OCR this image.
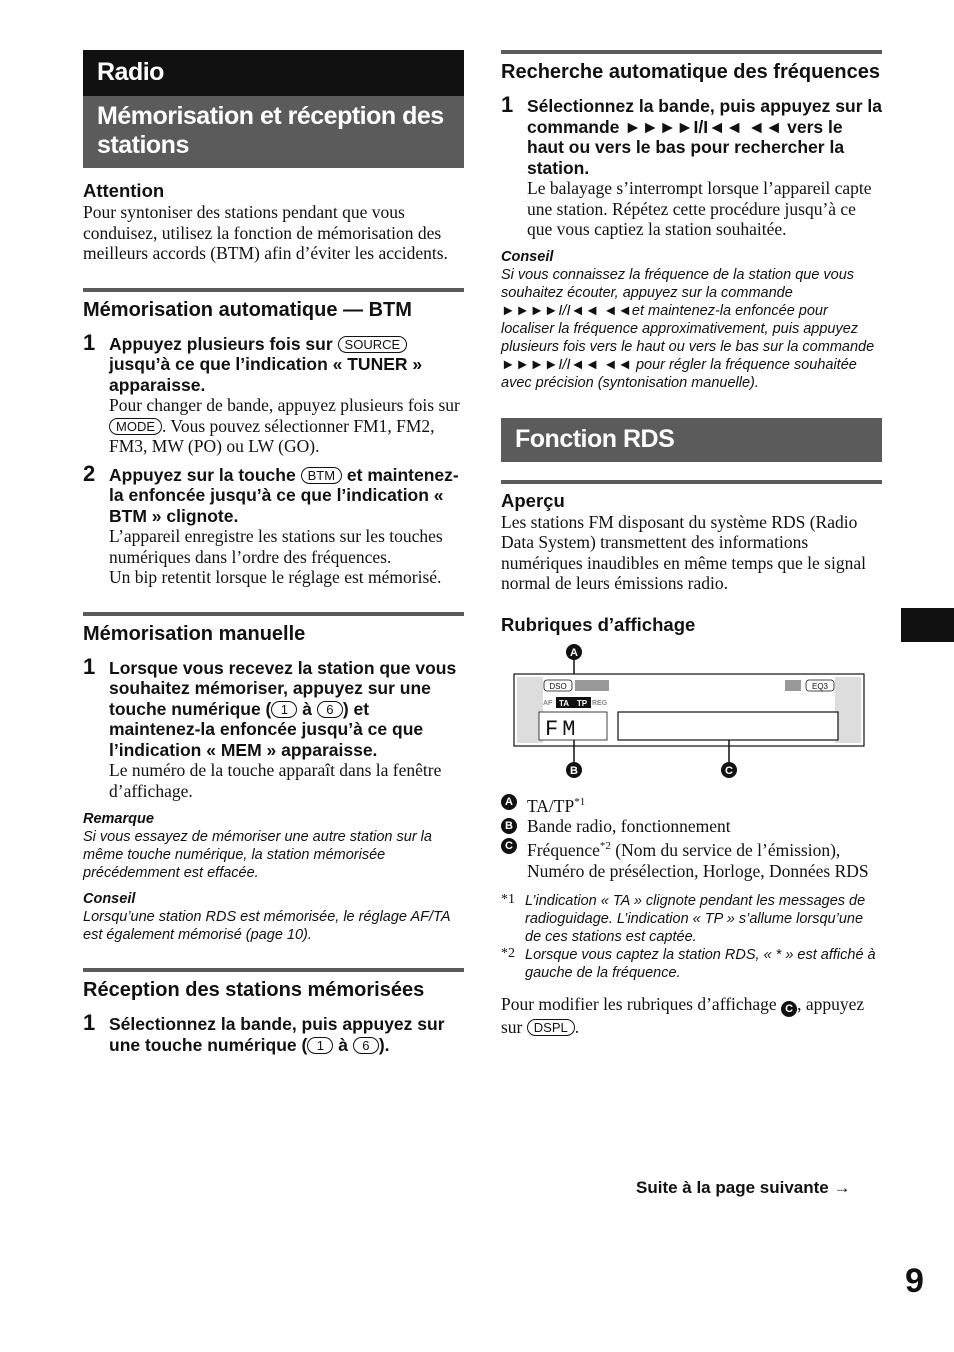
Radio
Mémorisation et réception des stations
Attention
Pour syntoniser des stations pendant que vous conduisez, utilisez la fonction de mémorisation des meilleurs accords (BTM) afin d’éviter les accidents.
Mémorisation automatique — BTM
1 Appuyez plusieurs fois sur SOURCE jusqu’à ce que l’indication « TUNER » apparaisse.
Pour changer de bande, appuyez plusieurs fois sur MODE . Vous pouvez sélectionner FM1, FM2, FM3, MW (PO) ou LW (GO).
2 Appuyez sur la touche BTM et maintenez-la enfoncée jusqu’à ce que l’indication « BTM » clignote.
L’appareil enregistre les stations sur les touches numériques dans l’ordre des fréquences.
Un bip retentit lorsque le réglage est mémorisé.
Mémorisation manuelle
1 Lorsque vous recevez la station que vous souhaitez mémoriser, appuyez sur une touche numérique ( 1 à 6 ) et maintenez-la enfoncée jusqu’à ce que l’indication « MEM » apparaisse.
Le numéro de la touche apparaît dans la fenêtre d’affichage.
Remarque
Si vous essayez de mémoriser une autre station sur la même touche numérique, la station mémorisée précédemment est effacée.
Conseil
Lorsqu’une station RDS est mémorisée, le réglage AF/TA est également mémorisé (page 10).
Réception des stations mémorisées
1 Sélectionnez la bande, puis appuyez sur une touche numérique ( 1 à 6 ).
Recherche automatique des fréquences
1 Sélectionnez la bande, puis appuyez sur la commande ►►►►I/I◄◄ ◄◄ vers le haut ou vers le bas pour rechercher la station.
Le balayage s’interrompt lorsque l’appareil capte une station. Répétez cette procédure jusqu’à ce que vous captiez la station souhaitée.
Conseil
Si vous connaissez la fréquence de la station que vous souhaitez écouter, appuyez sur la commande ►►►►I/I◄◄ ◄◄et maintenez-la enfoncée pour localiser la fréquence approximativement, puis appuyez plusieurs fois vers le haut ou vers le bas sur la commande ►►►►I/I◄◄ ◄◄ pour régler la fréquence souhaitée avec précision (syntonisation manuelle).
Fonction RDS
Aperçu
Les stations FM disposant du système RDS (Radio Data System) transmettent des informations numériques inaudibles en même temps que le signal normal de leurs émissions radio.
Rubriques d’affichage
A
DSO	EQ3
AF TA TP REG
FM
B	C
A TA/TP$^{*1}$
B Bande radio, fonctionnement
C Fréquence$^{*2}$ (Nom du service de l’émission), Numéro de présélection, Horloge, Données RDS
*1 L’indication « TA » clignote pendant les messages de radioguidage. L’indication « TP » s’allume lorsqu’une de ces stations est captée.
*2 Lorsque vous captez la station RDS, « * » est affiché à gauche de la fréquence.
Pour modifier les rubriques d’affichage C , appuyez sur DSPL .
Suite à la page suivante →
9
